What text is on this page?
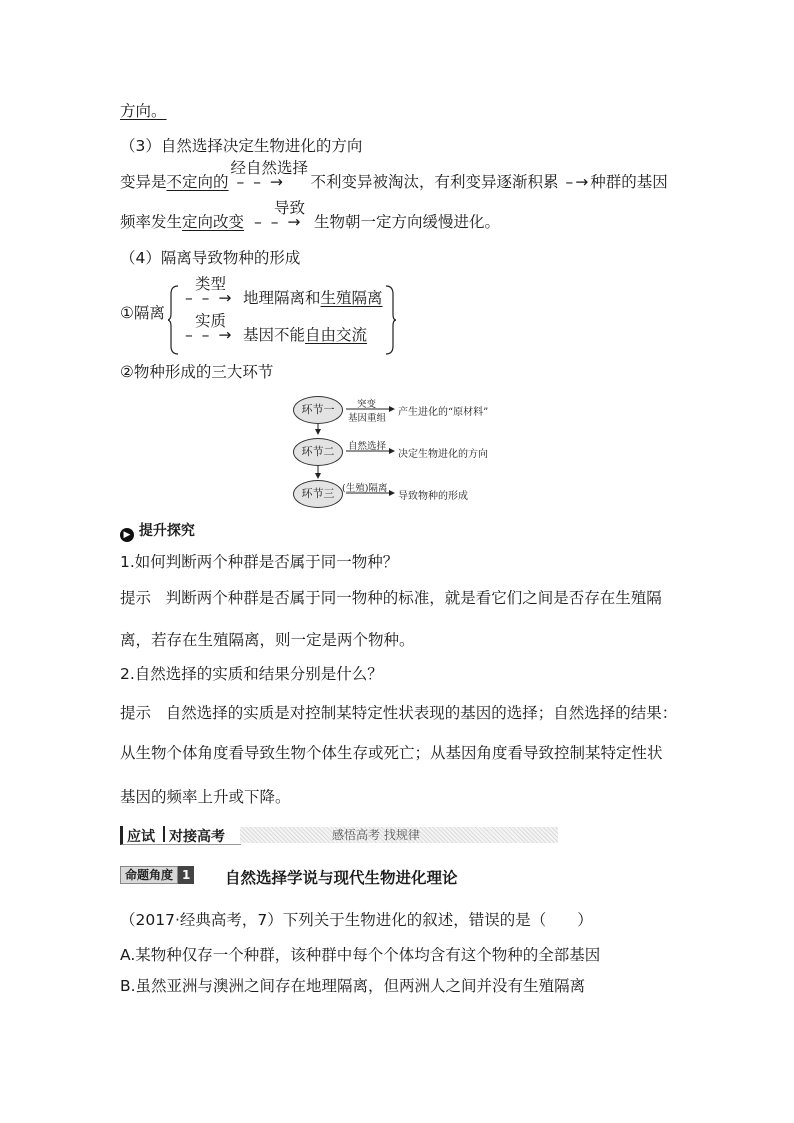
方向。
（3）自然选择决定生物进化的方向
变异是不定向的
经自然选择
– – → 不利变异被淘汰，有利变异逐渐积累 –→种群的基因
频率发生定向改变
导致
– – → 生物朝一定方向缓慢进化。
（4）隔离导致物种的形成
①隔离
类型
– – → 地理隔离和生殖隔离
实质
– – → 基因不能自由交流
②物种形成的三大环节
环节一
环节二
环节三
突变
基因重组
自然选择
(生殖)隔离
产生进化的“原材料”
决定生物进化的方向
导致物种的形成
▶ 提升探究
1.如何判断两个种群是否属于同一物种？
提示 判断两个种群是否属于同一物种的标准，就是看它们之间是否存在生殖隔
离，若存在生殖隔离，则一定是两个物种。
2.自然选择的实质和结果分别是什么？
提示 自然选择的实质是对控制某特定性状表现的基因的选择；自然选择的结果：
从生物个体角度看导致生物个体生存或死亡；从基因角度看导致控制某特定性状
基因的频率上升或下降。
应试 对接高考	感悟高考 找规律
命题角度 1 自然选择学说与现代生物进化理论
（2017·经典高考，7）下列关于生物进化的叙述，错误的是（　　）
A.某物种仅存一个种群，该种群中每个个体均含有这个物种的全部基因
B.虽然亚洲与澳洲之间存在地理隔离，但两洲人之间并没有生殖隔离
